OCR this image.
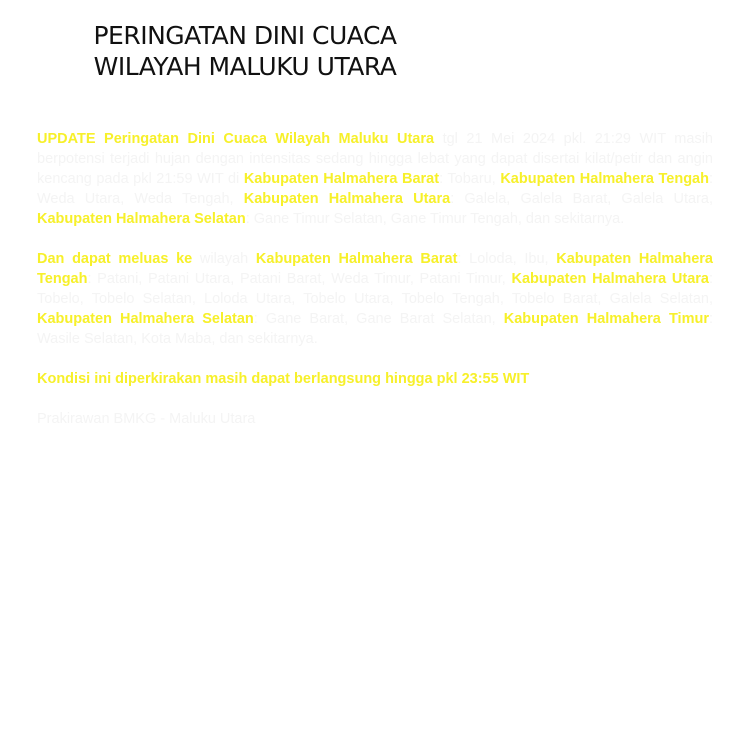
PERINGATAN DINI CUACA
WILAYAH MALUKU UTARA

UPDATE Peringatan Dini Cuaca Wilayah Maluku Utara tgl 21 Mei 2024 pkl. 21:29 WIT masih berpotensi terjadi hujan dengan intensitas sedang hingga lebat yang dapat disertai kilat/petir dan angin kencang pada pkl 21:59 WIT di Kabupaten Halmahera Barat: Tobaru, Kabupaten Halmahera Tengah: Weda Utara, Weda Tengah, Kabupaten Halmahera Utara: Galela, Galela Barat, Galela Utara, Kabupaten Halmahera Selatan: Gane Timur Selatan, Gane Timur Tengah, dan sekitarnya.

Dan dapat meluas ke wilayah Kabupaten Halmahera Barat: Loloda, Ibu, Kabupaten Halmahera Tengah: Patani, Patani Utara, Patani Barat, Weda Timur, Patani Timur, Kabupaten Halmahera Utara: Tobelo, Tobelo Selatan, Loloda Utara, Tobelo Utara, Tobelo Tengah, Tobelo Barat, Galela Selatan, Kabupaten Halmahera Selatan: Gane Barat, Gane Barat Selatan, Kabupaten Halmahera Timur: Wasile Selatan, Kota Maba, dan sekitarnya.

Kondisi ini diperkirakan masih dapat berlangsung hingga pkl 23:55 WIT

Prakirawan BMKG - Maluku Utara
